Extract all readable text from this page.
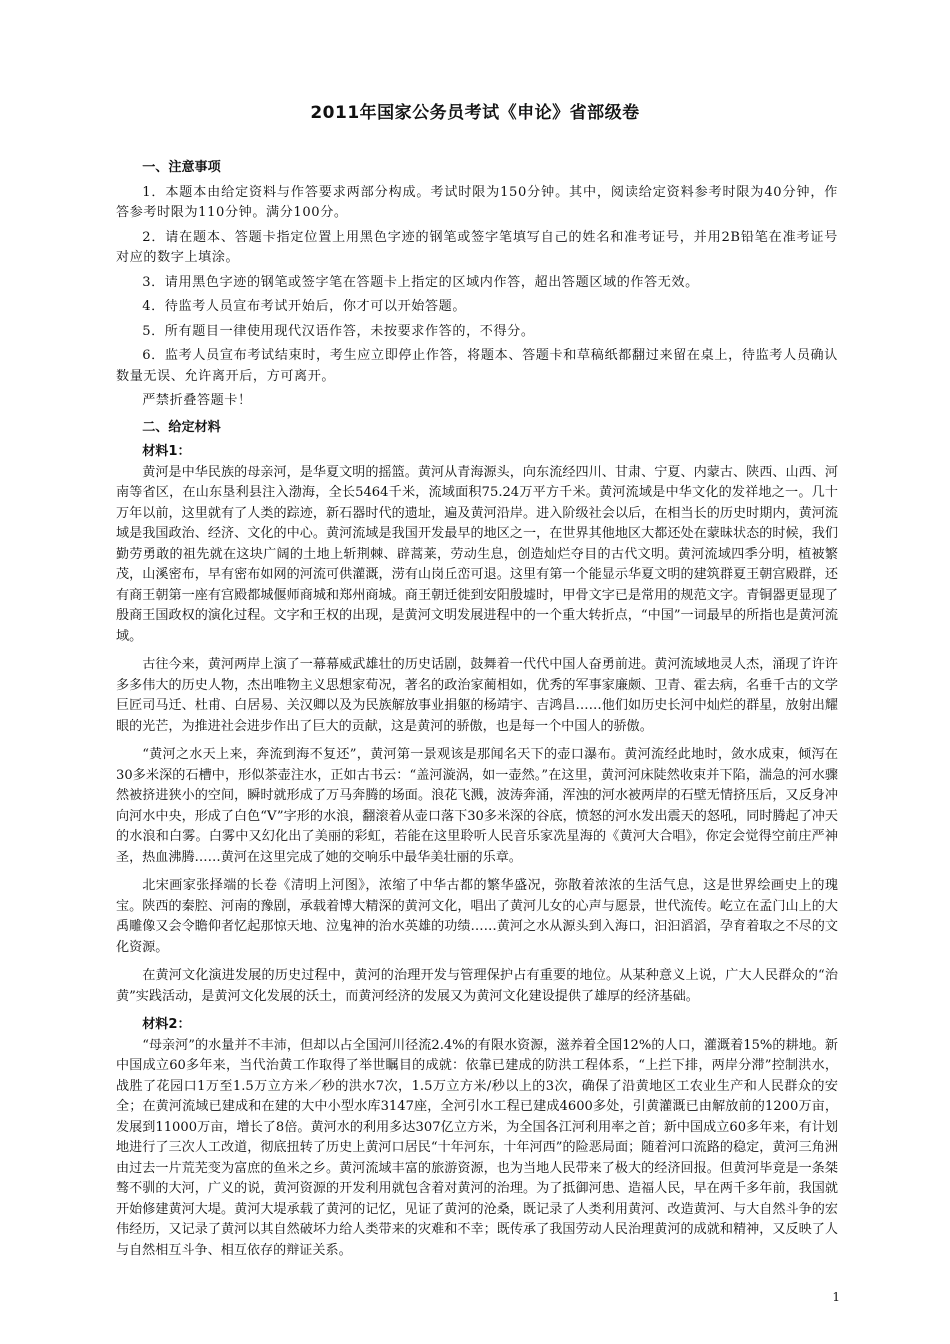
2011年国家公务员考试《申论》省部级卷

一、注意事项

1．本题本由给定资料与作答要求两部分构成。考试时限为150分钟。其中，阅读给定资料参考时限为40分钟，作答参考时限为110分钟。满分100分。

2．请在题本、答题卡指定位置上用黑色字迹的钢笔或签字笔填写自己的姓名和准考证号，并用2B铅笔在准考证号对应的数字上填涂。

3．请用黑色字迹的钢笔或签字笔在答题卡上指定的区域内作答，超出答题区域的作答无效。

4．待监考人员宣布考试开始后，你才可以开始答题。

5．所有题目一律使用现代汉语作答，未按要求作答的，不得分。

6．监考人员宣布考试结束时，考生应立即停止作答，将题本、答题卡和草稿纸都翻过来留在桌上，待监考人员确认数量无误、允许离开后，方可离开。

严禁折叠答题卡！

二、给定材料

材料1：

黄河是中华民族的母亲河，是华夏文明的摇篮。黄河从青海源头，向东流经四川、甘肃、宁夏、内蒙古、陕西、山西、河南等省区，在山东垦利县注入渤海，全长5464千米，流域面积75.24万平方千米。黄河流域是中华文化的发祥地之一。几十万年以前，这里就有了人类的踪迹，新石器时代的遗址，遍及黄河沿岸。进入阶级社会以后，在相当长的历史时期内，黄河流域是我国政治、经济、文化的中心。黄河流域是我国开发最早的地区之一，在世界其他地区大都还处在蒙昧状态的时候，我们勤劳勇敢的祖先就在这块广阔的土地上斩荆棘、辟蒿莱，劳动生息，创造灿烂夺目的古代文明。黄河流域四季分明，植被繁茂，山溪密布，早有密布如网的河流可供灌溉，涝有山岗丘峦可退。这里有第一个能显示华夏文明的建筑群夏王朝宫殿群，还有商王朝第一座有宫殿都城偃师商城和郑州商城。商王朝迁徙到安阳殷墟时，甲骨文字已是常用的规范文字。青铜器更显现了殷商王国政权的演化过程。文字和王权的出现，是黄河文明发展进程中的一个重大转折点，“中国”一词最早的所指也是黄河流域。

古往今来，黄河两岸上演了一幕幕威武雄壮的历史话剧，鼓舞着一代代中国人奋勇前进。黄河流域地灵人杰，涌现了许许多多伟大的历史人物，杰出唯物主义思想家荀况，著名的政治家蔺相如，优秀的军事家廉颇、卫青、霍去病，名垂千古的文学巨匠司马迁、杜甫、白居易、关汉卿以及为民族解放事业捐躯的杨靖宇、吉鸿昌……他们如历史长河中灿烂的群星，放射出耀眼的光芒，为推进社会进步作出了巨大的贡献，这是黄河的骄傲，也是每一个中国人的骄傲。

“黄河之水天上来，奔流到海不复还”，黄河第一景观该是那闻名天下的壶口瀑布。黄河流经此地时，敛水成束，倾泻在30多米深的石槽中，形似茶壶注水，正如古书云：“盖河漩涡，如一壶然。”在这里，黄河河床陡然收束并下陷，湍急的河水骤然被挤进狭小的空间，瞬时就形成了万马奔腾的场面。浪花飞溅，波涛奔涌，浑浊的河水被两岸的石壁无情挤压后，又反身冲向河水中央，形成了白色“V”字形的水浪，翻滚着从壶口落下30多米深的谷底，愤怒的河水发出震天的怒吼，同时腾起了冲天的水浪和白雾。白雾中又幻化出了美丽的彩虹，若能在这里聆听人民音乐家冼星海的《黄河大合唱》，你定会觉得空前庄严神圣，热血沸腾……黄河在这里完成了她的交响乐中最华美壮丽的乐章。

北宋画家张择端的长卷《清明上河图》，浓缩了中华古都的繁华盛况，弥散着浓浓的生活气息，这是世界绘画史上的瑰宝。陕西的秦腔、河南的豫剧，承载着博大精深的黄河文化，唱出了黄河儿女的心声与愿景，世代流传。屹立在孟门山上的大禹雕像又会令瞻仰者忆起那惊天地、泣鬼神的治水英雄的功绩……黄河之水从源头到入海口，汩汩滔滔，孕育着取之不尽的文化资源。

在黄河文化演进发展的历史过程中，黄河的治理开发与管理保护占有重要的地位。从某种意义上说，广大人民群众的“治黄”实践活动，是黄河文化发展的沃土，而黄河经济的发展又为黄河文化建设提供了雄厚的经济基础。

材料2：

“母亲河”的水量并不丰沛，但却以占全国河川径流2.4%的有限水资源，滋养着全国12%的人口，灌溉着15%的耕地。新中国成立60多年来，当代治黄工作取得了举世瞩目的成就：依靠已建成的防洪工程体系，“上拦下排，两岸分滞”控制洪水，战胜了花园口1万至1.5万立方米／秒的洪水7次，1.5万立方米/秒以上的3次，确保了沿黄地区工农业生产和人民群众的安全；在黄河流域已建成和在建的大中小型水库3147座，全河引水工程已建成4600多处，引黄灌溉已由解放前的1200万亩，发展到11000万亩，增长了8倍。黄河水的利用多达307亿立方米，为全国各江河利用率之首；新中国成立60多年来，有计划地进行了三次人工改道，彻底扭转了历史上黄河口居民“十年河东，十年河西”的险恶局面；随着河口流路的稳定，黄河三角洲由过去一片荒芜变为富庶的鱼米之乡。黄河流域丰富的旅游资源，也为当地人民带来了极大的经济回报。但黄河毕竟是一条桀骜不驯的大河，广义的说，黄河资源的开发利用就包含着对黄河的治理。为了抵御河患、造福人民，早在两千多年前，我国就开始修建黄河大堤。黄河大堤承载了黄河的记忆，见证了黄河的沧桑，既记录了人类利用黄河、改造黄河、与大自然斗争的宏伟经历，又记录了黄河以其自然破坏力给人类带来的灾难和不幸；既传承了我国劳动人民治理黄河的成就和精神，又反映了人与自然相互斗争、相互依存的辩证关系。

1
